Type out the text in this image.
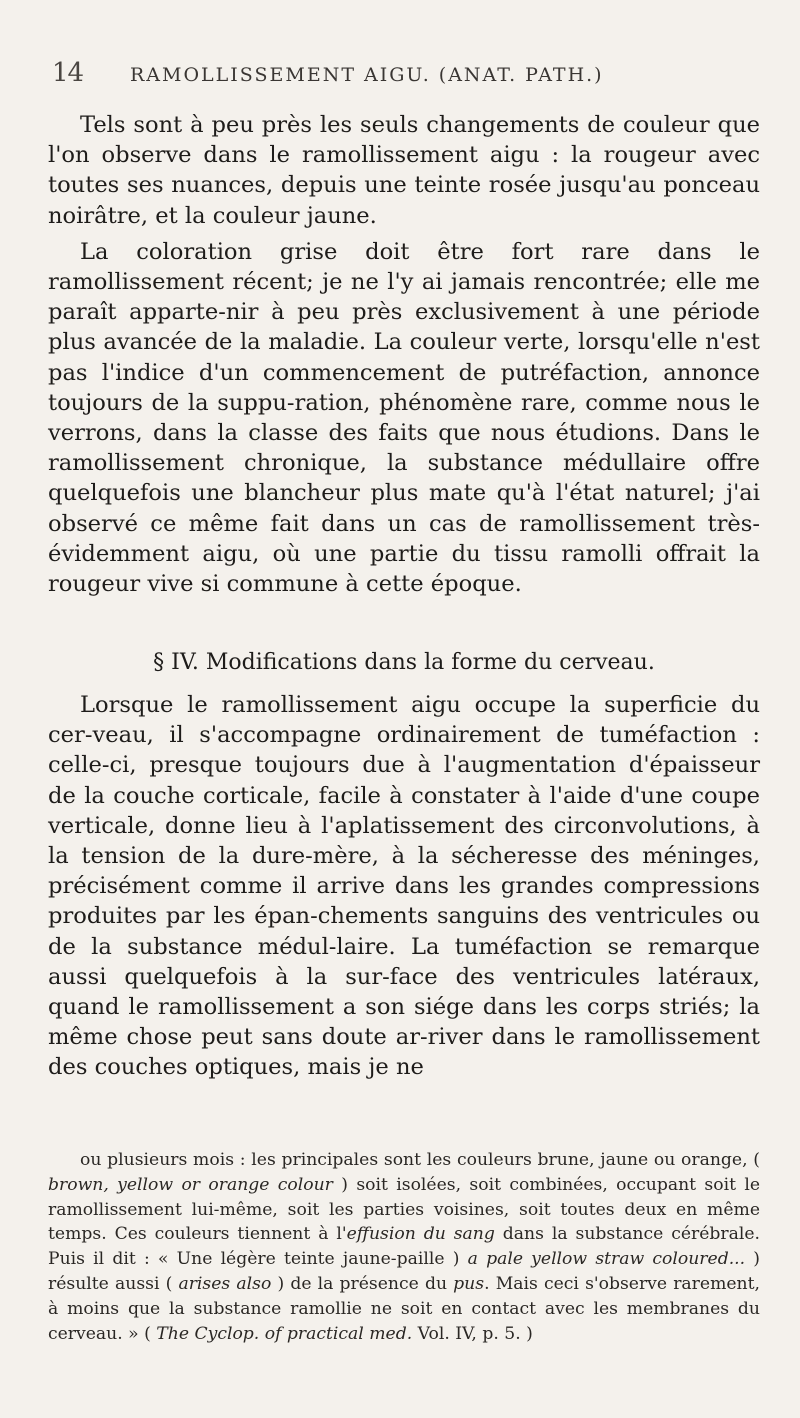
14 RAMOLLISSEMENT AIGU. (ANAT. PATH.)

Tels sont à peu près les seuls changements de couleur que l'on observe dans le ramollissement aigu : la rougeur avec toutes ses nuances, depuis une teinte rosée jusqu'au ponceau noirâtre, et la couleur jaune.

La coloration grise doit être fort rare dans le ramollissement récent; je ne l'y ai jamais rencontrée; elle me paraît apparte-nir à peu près exclusivement à une période plus avancée de la maladie. La couleur verte, lorsqu'elle n'est pas l'indice d'un commencement de putréfaction, annonce toujours de la suppu-ration, phénomène rare, comme nous le verrons, dans la classe des faits que nous étudions. Dans le ramollissement chronique, la substance médullaire offre quelquefois une blancheur plus mate qu'à l'état naturel; j'ai observé ce même fait dans un cas de ramollissement très-évidemment aigu, où une partie du tissu ramolli offrait la rougeur vive si commune à cette époque.

§ IV. Modifications dans la forme du cerveau.

Lorsque le ramollissement aigu occupe la superficie du cer-veau, il s'accompagne ordinairement de tuméfaction : celle-ci, presque toujours due à l'augmentation d'épaisseur de la couche corticale, facile à constater à l'aide d'une coupe verticale, donne lieu à l'aplatissement des circonvolutions, à la tension de la dure-mère, à la sécheresse des méninges, précisément comme il arrive dans les grandes compressions produites par les épan-chements sanguins des ventricules ou de la substance médul-laire. La tuméfaction se remarque aussi quelquefois à la sur-face des ventricules latéraux, quand le ramollissement a son siége dans les corps striés; la même chose peut sans doute ar-river dans le ramollissement des couches optiques, mais je ne

ou plusieurs mois : les principales sont les couleurs brune, jaune ou orange, ( brown, yellow or orange colour ) soit isolées, soit combinées, occupant soit le ramollissement lui-même, soit les parties voisines, soit toutes deux en même temps. Ces couleurs tiennent à l'effusion du sang dans la substance cérébrale. Puis il dit : « Une légère teinte jaune-paille ) a pale yellow straw coloured... ) résulte aussi ( arises also ) de la présence du pus. Mais ceci s'observe rarement, à moins que la substance ramollie ne soit en contact avec les membranes du cerveau. » ( The Cyclop. of practical med. Vol. IV, p. 5. )
